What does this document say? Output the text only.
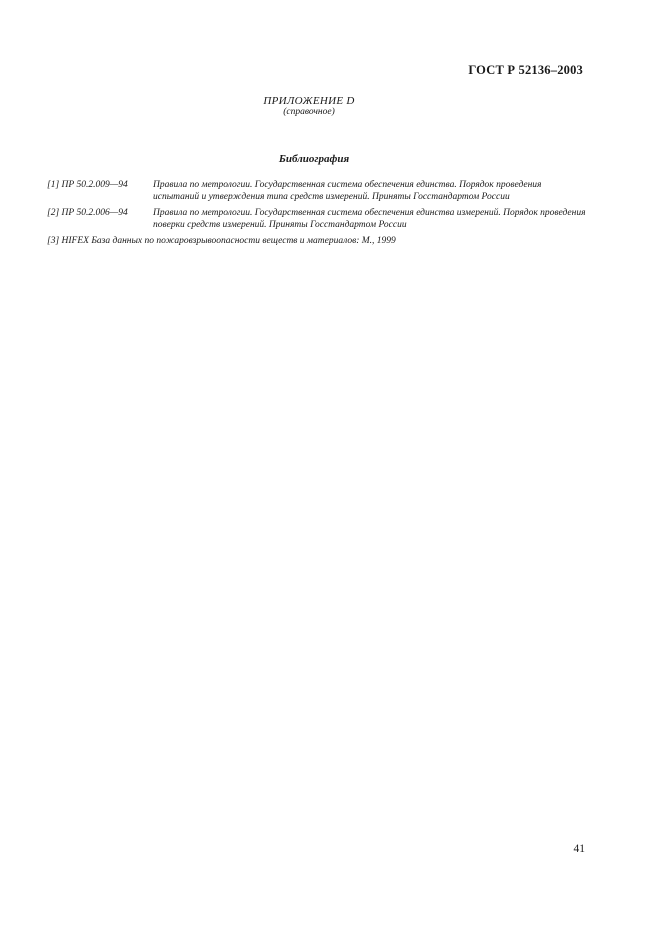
ГОСТ Р 52136–2003
ПРИЛОЖЕНИЕ D
(справочное)
Библиография
[1] ПР 50.2.009—94	Правила по метрологии. Государственная система обеспечения единства. Порядок проведения испытаний и утверждения типа средств измерений. Приняты Госстандартом России
[2] ПР 50.2.006—94	Правила по метрологии. Государственная система обеспечения единства измерений. Порядок проведения поверки средств измерений. Приняты Госстандартом России
[3] HIFEX База данных по пожаровзрывоопасности веществ и материалов: М., 1999
41
